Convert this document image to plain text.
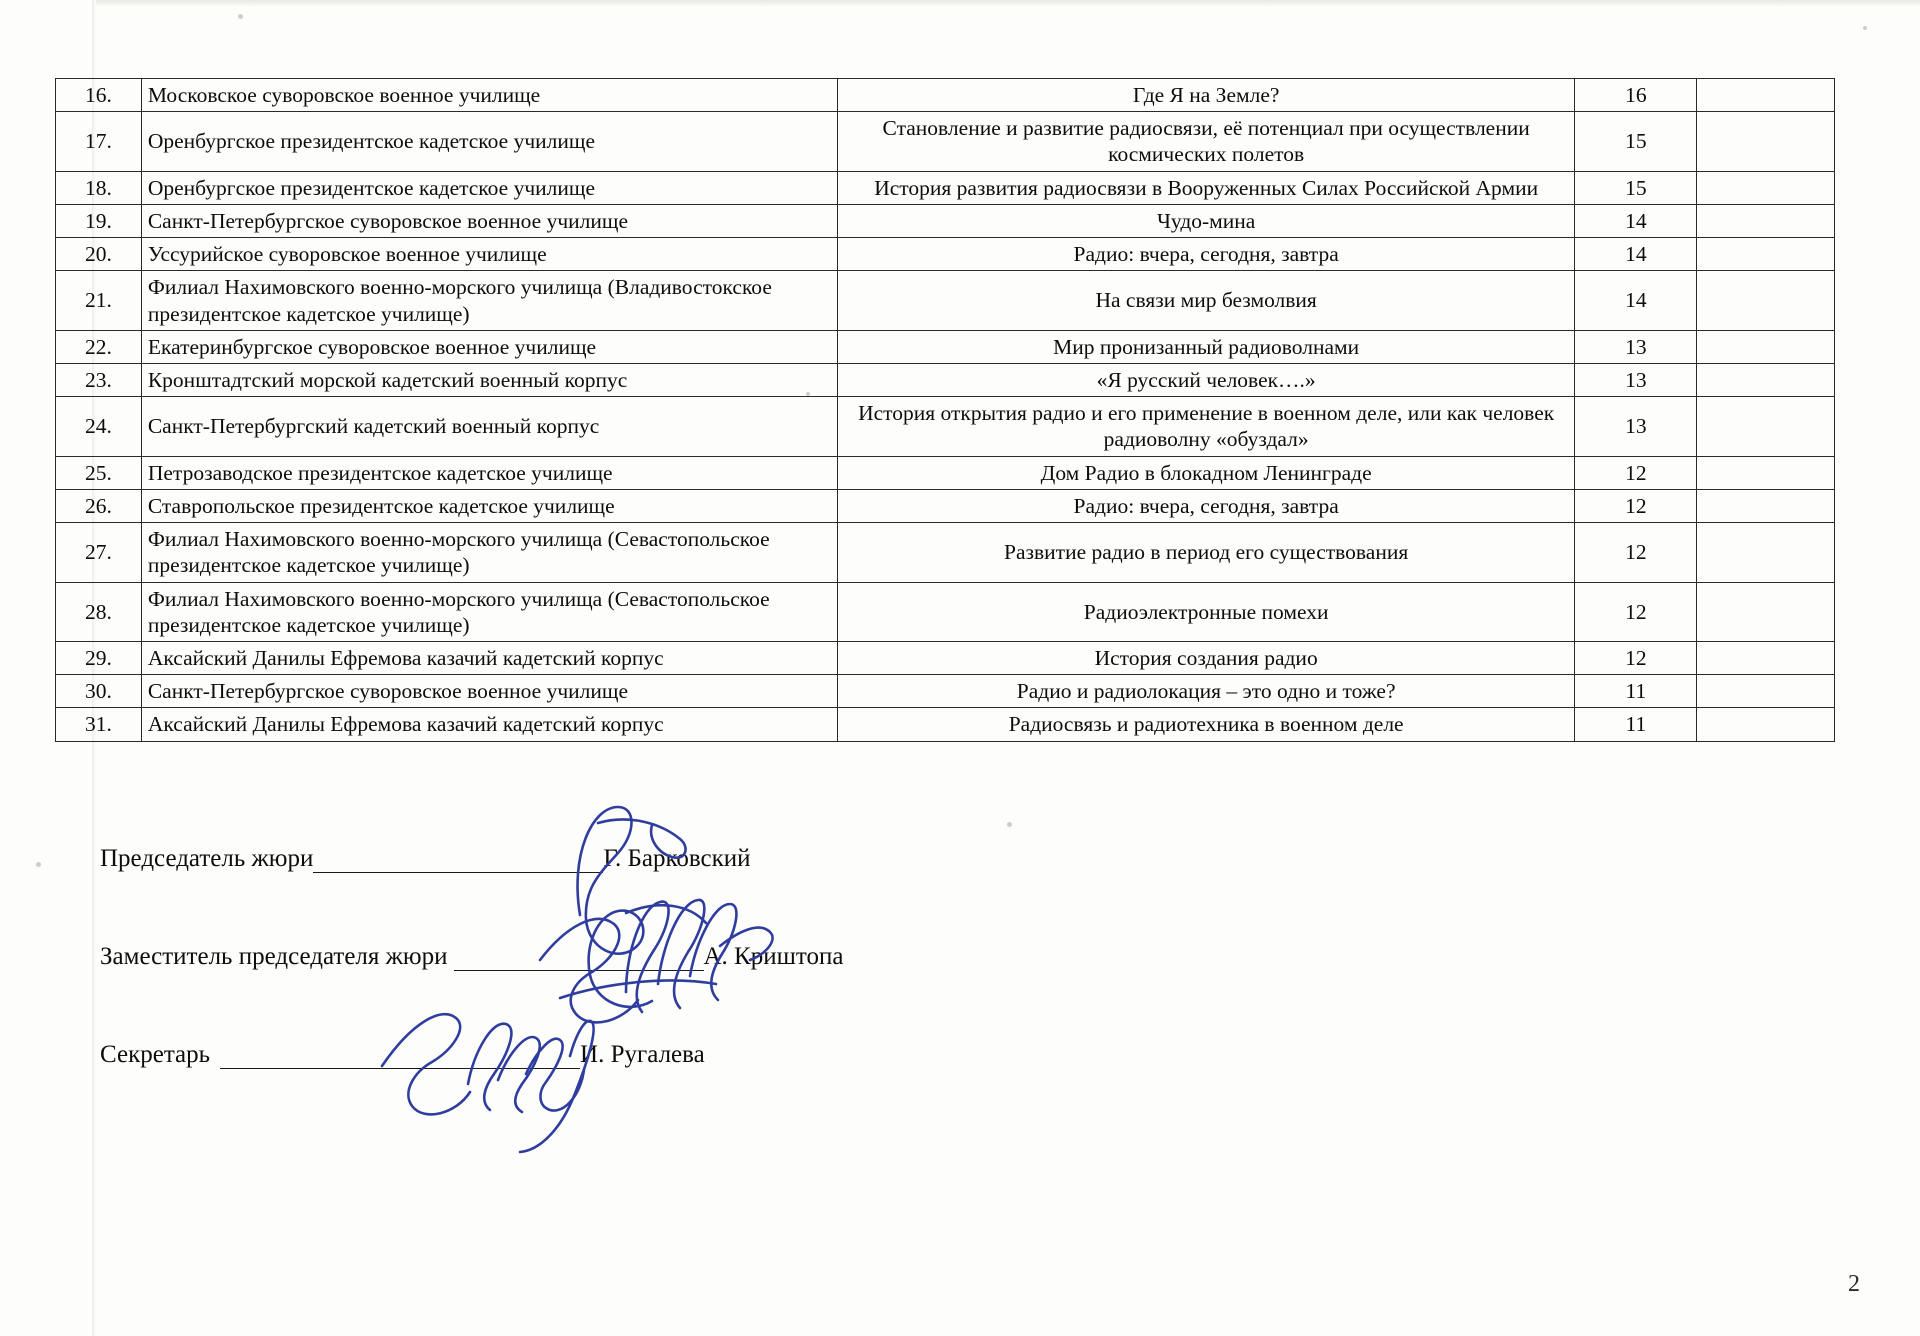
16.	Московское суворовское военное училище	Где Я на Земле?	16	
17.	Оренбургское президентское кадетское училище	Становление и развитие радиосвязи, её потенциал при осуществлении космических полетов	15	
18.	Оренбургское президентское кадетское училище	История развития радиосвязи в Вооруженных Силах Российской Армии	15	
19.	Санкт-Петербургское суворовское военное училище	Чудо-мина	14	
20.	Уссурийское суворовское военное училище	Радио: вчера, сегодня, завтра	14	
21.	Филиал Нахимовского военно-морского училища (Владивостокское президентское кадетское училище)	На связи мир безмолвия	14	
22.	Екатеринбургское суворовское военное училище	Мир пронизанный радиоволнами	13	
23.	Кронштадтский морской кадетский военный корпус	«Я русский человек….»	13	
24.	Санкт-Петербургский кадетский военный корпус	История открытия радио и его применение в военном деле, или как человек радиоволну «обуздал»	13	
25.	Петрозаводское президентское кадетское училище	Дом Радио в блокадном Ленинграде	12	
26.	Ставропольское президентское кадетское училище	Радио: вчера, сегодня, завтра	12	
27.	Филиал Нахимовского военно-морского училища (Севастопольское президентское кадетское училище)	Развитие радио в период его существования	12	
28.	Филиал Нахимовского военно-морского училища (Севастопольское президентское кадетское училище)	Радиоэлектронные помехи	12	
29.	Аксайский Данилы Ефремова казачий кадетский корпус	История создания радио	12	
30.	Санкт-Петербургское суворовское военное училище	Радио и радиолокация – это одно и тоже?	11	
31.	Аксайский Данилы Ефремова казачий кадетский корпус	Радиосвязь и радиотехника в военном деле	11	
Председатель жюри	Г. Барковский
Заместитель председателя жюри	А. Криштопа
Секретарь	И. Ругалева
2
